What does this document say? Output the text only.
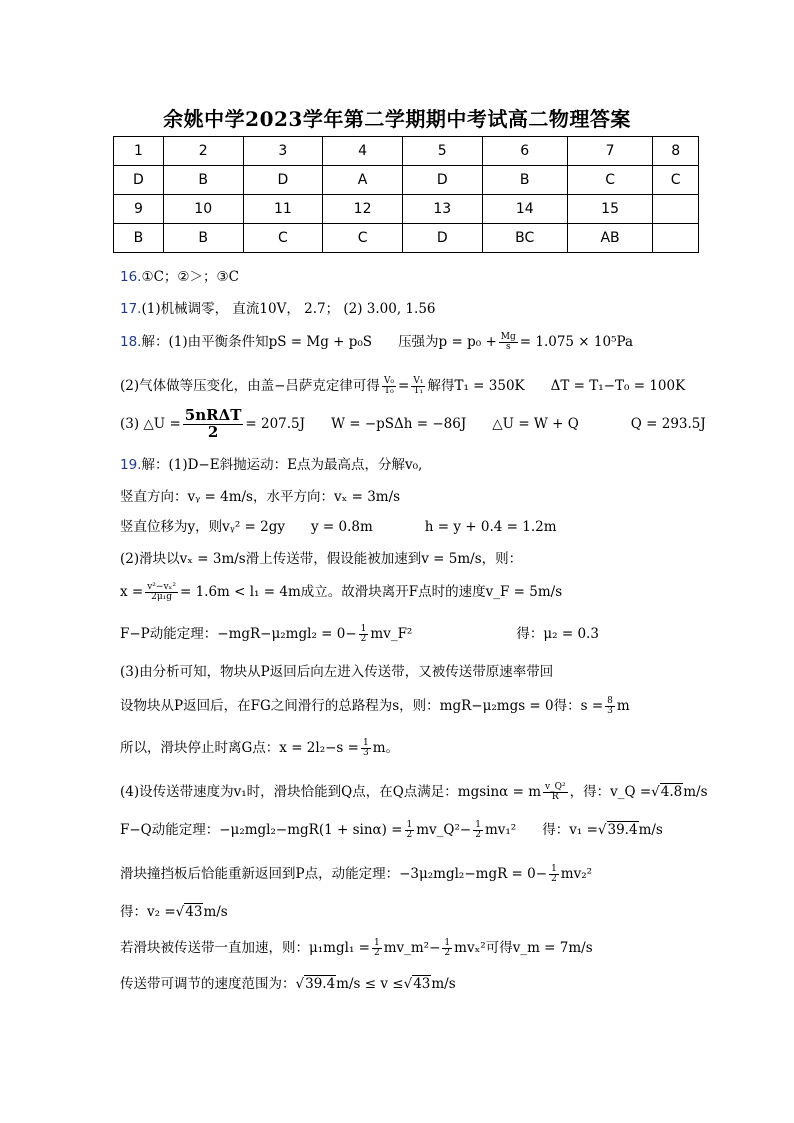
余姚中学2023学年第二学期期中考试高二物理答案
1	2	3	4	5	6	7	8
D	B	D	A	D	B	C	C
9	10	11	12	13	14	15	
B	B	C	C	D	BC	AB	
16.①C；②＞；③C
17.(1)机械调零， 直流10V， 2.7； (2) 3.00, 1.56
18.解：(1)由平衡条件知pS = Mg + p₀S 压强为$p = p_0 + \frac{Mg}{s} = 1.075 \times 10^5Pa$
(2)气体做等压变化，由盖−吕萨克定律可得 $\frac{\text{V₀}}{\text{T₀}} = \frac{\text{V₁}}{\text{T₁}}$ 解得T₁ = 350K ΔT = T₁−T₀ = 100K
(3) △U = $\frac{\text{5nRΔT}}{2} = 207.5J$ W = −pSΔh = −86J △U = W + Q	Q = 293.5J
19.解：(1)D−E斜抛运动：E点为最高点，分解v₀,
竖直方向：vᵧ = 4m/s，水平方向：vₓ = 3m/s
竖直位移为y，则vᵧ² = 2gy y = 0.8m	h = y + 0.4 = 1.2m
(2)滑块以vₓ = 3m/s滑上传送带，假设能被加速到v = 5m/s，则：
$x = \frac{\text{v²−vₓ²}}{\text{2μ₁g}} = 1.6m < l_1 = 4m$成立。故滑块离开F点时的速度v_F = 5m/s
F−P动能定理：$-mgR-\mu_2mgl_2 = 0- \frac{1}{2}$ mv_F²	得：μ₂ = 0.3
(3)由分析可知，物块从P返回后向左进入传送带，又被传送带原速率带回
设物块从P返回后，在FG之间滑行的总路程为s，则：mgR−μ₂mgs = 0得：$s = \frac{8}{3}$ m
所以，滑块停止时离G点：$x = 2l_2-s = \frac{1}{3}$ m。
(4)设传送带速度为v₁时，滑块恰能到Q点，在Q点满足：mgsinα = m $\frac{\text{v\_Q²}}{R}$ ，得：v_Q =√4.8m/s
F−Q动能定理：$-\mu_2mgl_2-mgR(1 + \sin\alpha) = \frac{1}{2}$ mv_Q²− $\frac{1}{2} mv_1^2$ 得：v₁ =√39.4m/s
滑块撞挡板后恰能重新返回到P点，动能定理：$-3\mu_2mgl_2-mgR = 0- \frac{1}{2} mv_2^2$
得：v₂ =√43m/s
若滑块被传送带一直加速，则：$\mu_1mgl_1 = \frac{1}{2}$ mv_m²− $\frac{1}{2} mv_x^2$可得v_m = 7m/s
传送带可调节的速度范围为：√39.4m/s ≤ v ≤√43m/s
